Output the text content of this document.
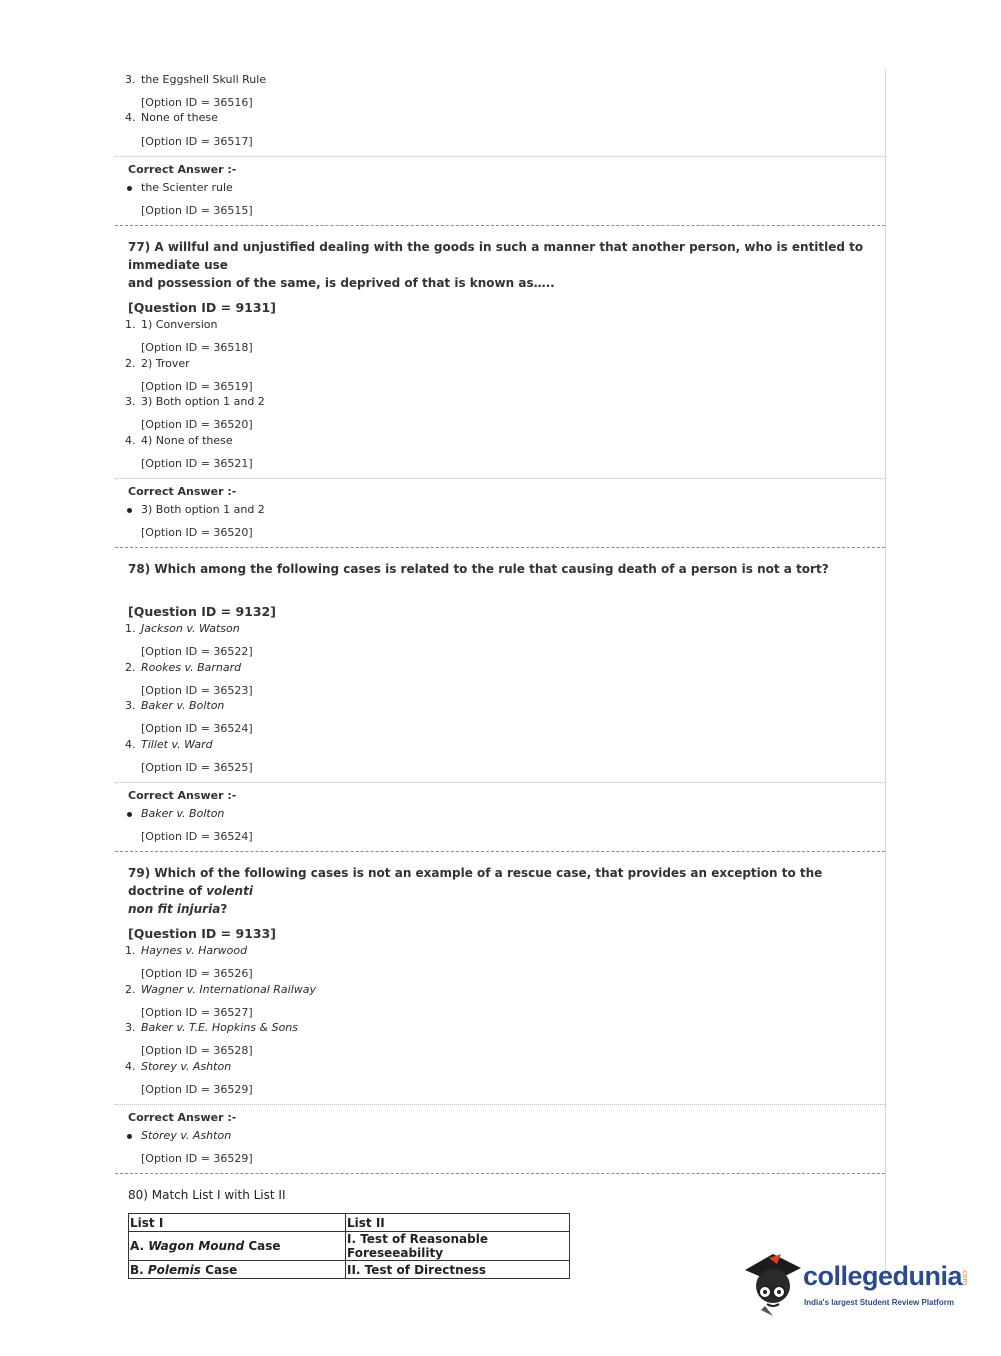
3. the Eggshell Skull Rule
[Option ID = 36516]
4. None of these
[Option ID = 36517]
Correct Answer :-
the Scienter rule
[Option ID = 36515]
77) A willful and unjustified dealing with the goods in such a manner that another person, who is entitled to immediate use
and possession of the same, is deprived of that is known as…..
[Question ID = 9131]
1. 1) Conversion
[Option ID = 36518]
2. 2) Trover
[Option ID = 36519]
3. 3) Both option 1 and 2
[Option ID = 36520]
4. 4) None of these
[Option ID = 36521]
Correct Answer :-
3) Both option 1 and 2
[Option ID = 36520]
78) Which among the following cases is related to the rule that causing death of a person is not a tort?
[Question ID = 9132]
1. Jackson v. Watson
[Option ID = 36522]
2. Rookes v. Barnard
[Option ID = 36523]
3. Baker v. Bolton
[Option ID = 36524]
4. Tillet v. Ward
[Option ID = 36525]
Correct Answer :-
Baker v. Bolton
[Option ID = 36524]
79) Which of the following cases is not an example of a rescue case, that provides an exception to the doctrine of volenti
non fit injuria?
[Question ID = 9133]
1. Haynes v. Harwood
[Option ID = 36526]
2. Wagner v. International Railway
[Option ID = 36527]
3. Baker v. T.E. Hopkins & Sons
[Option ID = 36528]
4. Storey v. Ashton
[Option ID = 36529]
Correct Answer :-
Storey v. Ashton
[Option ID = 36529]
80) Match List I with List II
List I	List II
A. Wagon Mound Case	I. Test of Reasonable Foreseeability
B. Polemis Case	II. Test of Directness	collegedunia
.com
India's largest Student Review Platform
